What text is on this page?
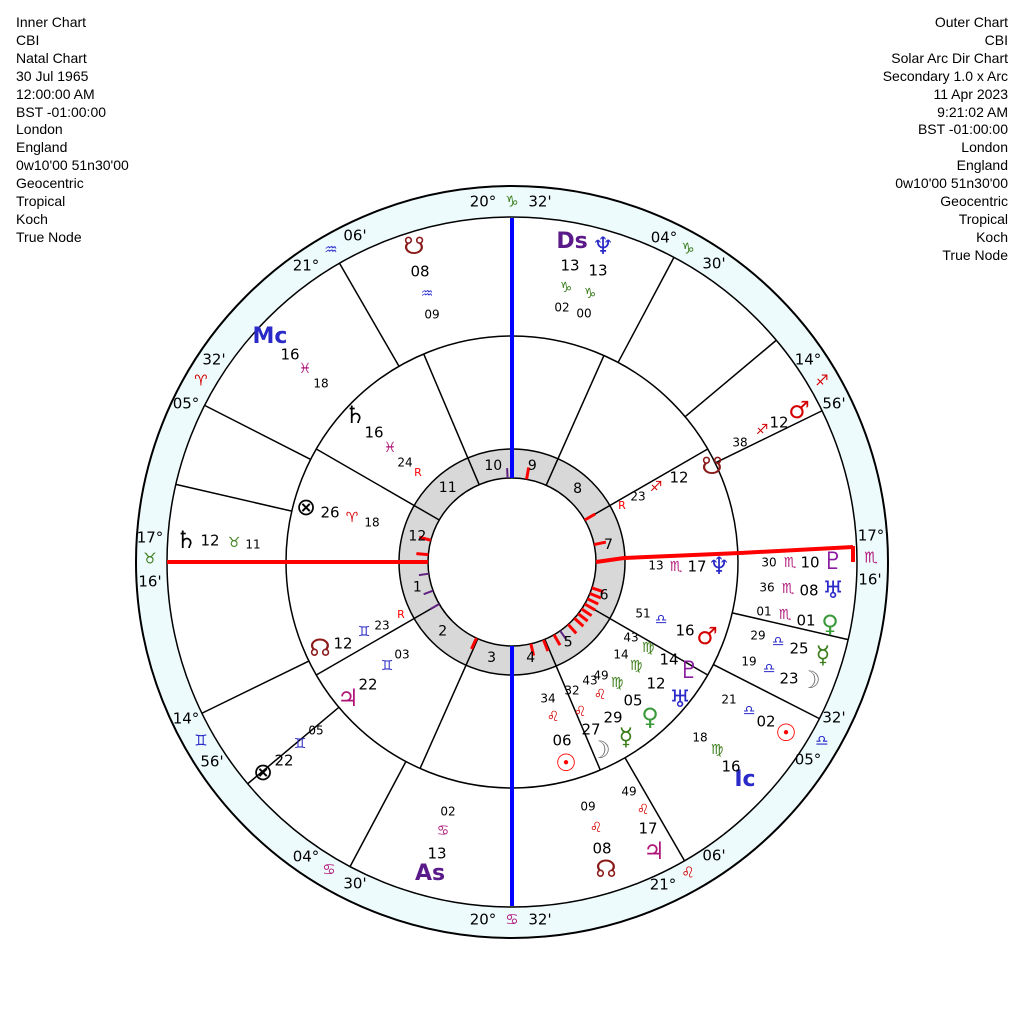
Inner Chart
CBI
Natal Chart
30 Jul 1965
12:00:00 AM
BST -01:00:00
London
England
0w10'00 51n30'00
Geocentric
Tropical
Koch
True Node
Outer Chart
CBI
Solar Arc Dir Chart
Secondary 1.0 x Arc
11 Apr 2023
9:21:02 AM
BST -01:00:00
London
England
0w10'00 51n30'00
Geocentric
Tropical
Koch
True Node
1
2
3 4
5
6
7
8
9
10
11
12
20° ♑ 32'
20° ♋ 32'
17°
♉
16'
17°
♏
16'
21°
♒
06'
05°
♈
32'
14°
♊
56'
04°
♋
30'
04°
♑
30'
14°
♐
56'
05°
♎
32'
21°
♌
06'
☋
08
♒
09
Ds
13
♑
02
♆
13
♑
00
Mc
16
♓
18
♄ 12 ♉ 11
♂
12
♐
38
♇
10
♏
30
♅
08
♏
36
♀
01
♏
01
☿
25
♎
29
☽
23
♎
19
☉
02
♎
21
Ic
16
♍
18
♃
17
♌
49
☊
08
♌
09
As
13
♋
02
⊗ 22
♊
05
♄
16
♓
24
R
⊗ 26 ♈ 18
☊ 12
♊ 23
R
♃ 22
♊
03
☋
12
♐
23
R
♆
17
♏
13
♂
16
♎
51
♇
14
♍
43
♅
12
♍
14
♀
05
♍
49
☿
29
♌
43
☽
27
♌
32
☉
06
♌
34
